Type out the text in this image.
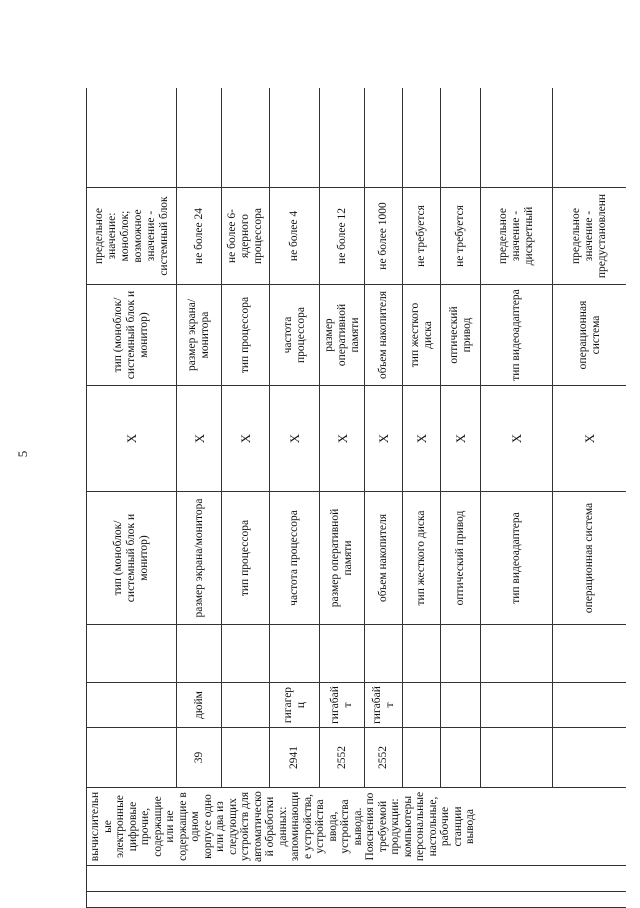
5
		вычислительные электронные цифровые прочие, содержащие или не содержащие в одном корпусе одно или два из следующих устройств для автоматической обработки данных: запоминающие устройства, устройства ввода, устройства вывода. Пояснения по требуемой продукции: компьютеры персональные настольные, рабочие станции вывода				тип (моноблок/системный блок и монитор)	X	тип (моноблок/системный блок и монитор)	предельное значение: моноблок; возможное значение - системный блок	
			39	дюйм		размер экрана/монитора	X	размер экрана/монитора	не более 24	
						тип процессора	X	тип процессора	не более 6-ядерного процессора	
			2941	гигагерц		частота процессора	X	частота процессора	не более 4	
			2552	гигабайт		размер оперативной памяти	X	размер оперативной памяти	не более 12	
			2552	гигабайт		объем накопителя	X	объем накопителя	не более 1000	
						тип жесткого диска	X	тип жесткого диска	не требуется	
						оптический привод	X	оптический привод	не требуется	
						тип видеоадаптера	X	тип видеоадаптера	предельное значение - дискретный	
						операционная система	X	операционная система	предельное значение - предустановленн	
